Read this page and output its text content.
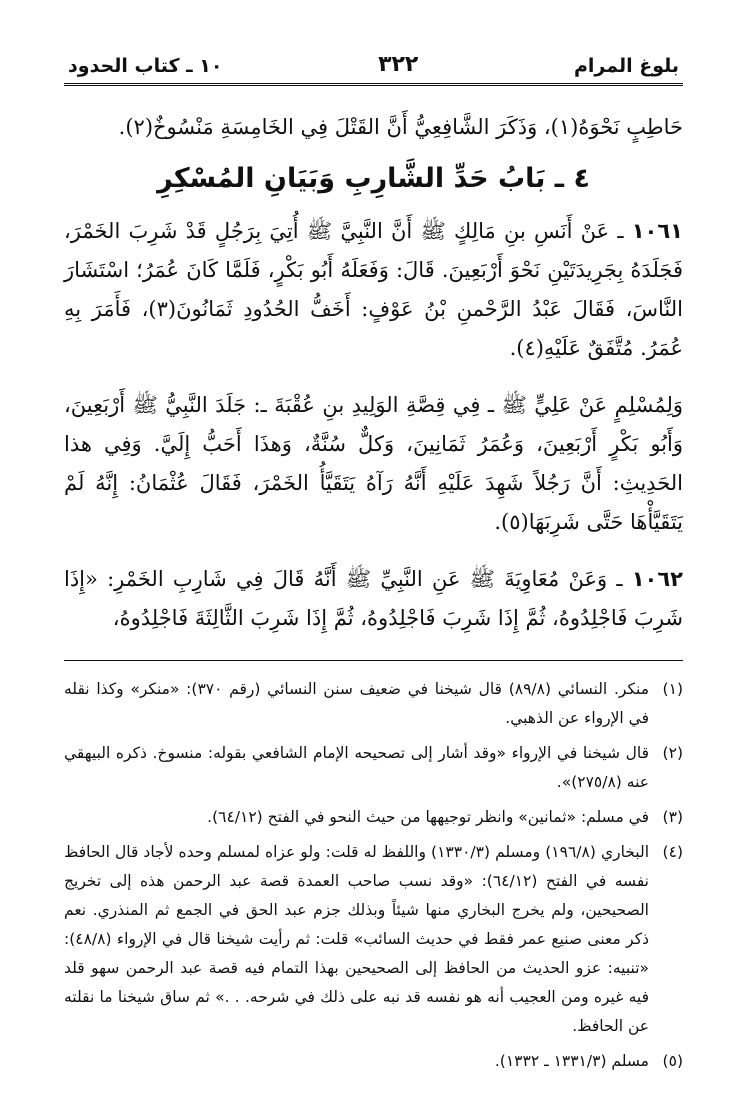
بلوغ المرام
٣٢٢
١٠ ـ كتاب الحدود

حَاطِبٍ نَحْوَهُ(١)، وَذَكَرَ الشَّافِعِيُّ أَنَّ القَتْلَ فِي الخَامِسَةِ مَنْسُوخٌ(٢).

٤ ـ بَابُ حَدِّ الشَّارِبِ وَبَيَانِ المُسْكِرِ

١٠٦١ ـ عَنْ أَنَسِ بنِ مَالِكٍ ﷺ أَنَّ النَّبِيَّ ﷺ أُتِيَ بِرَجُلٍ قَدْ شَرِبَ الخَمْرَ، فَجَلَدَهُ بِجَرِيدَتَيْنِ نَحْوَ أَرْبَعِينَ. قَالَ: وَفَعَلَهُ أَبُو بَكْرٍ، فَلَمَّا كَانَ عُمَرُ؛ اسْتَشَارَ النَّاسَ، فَقَالَ عَبْدُ الرَّحْمنِ بْنُ عَوْفٍ: أَخَفُّ الحُدُودِ ثَمَانُونَ(٣)، فَأَمَرَ بِهِ عُمَرُ. مُتَّفَقٌ عَلَيْهِ(٤).

وَلِمُسْلِمٍ عَنْ عَلِيٍّ ﷺ ـ فِي قِصَّةِ الوَلِيدِ بنِ عُقْبَةَ ـ: جَلَدَ النَّبِيُّ ﷺ أَرْبَعِينَ، وَأَبُو بَكْرٍ أَرْبَعِينَ، وَعُمَرُ ثَمَانِينَ، وَكلٌّ سُنَّةٌ، وَهذَا أَحَبُّ إِلَيَّ. وَفِي هذا الحَدِيثِ: أَنَّ رَجُلاً شَهِدَ عَلَيْهِ أَنَّهُ رَآهُ يَتَقَيَّأُ الخَمْرَ، فَقَالَ عُثْمَانُ: إِنَّهُ لَمْ يَتَقَيَّأْهَا حَتَّى شَرِبَهَا(٥).

١٠٦٢ ـ وَعَنْ مُعَاوِيَةَ ﷺ عَنِ النَّبِيِّ ﷺ أَنَّهُ قَالَ فِي شَارِبِ الخَمْرِ: «إِذَا شَرِبَ فَاجْلِدُوهُ، ثُمَّ إِذَا شَرِبَ فَاجْلِدُوهُ، ثُمَّ إِذَا شَرِبَ الثَّالِثَةَ فَاجْلِدُوهُ،

(١)
منكر. النسائي (٨٩/٨) قال شيخنا في ضعيف سنن النسائي (رقم ٣٧٠): «منكر» وكذا نقله في الإرواء عن الذهبي.
(٢)
قال شيخنا في الإرواء «وقد أشار إلى تصحيحه الإمام الشافعي بقوله: منسوخ. ذكره البيهقي عنه (٢٧٥/٨)».
(٣)
في مسلم: «ثمانين» وانظر توجيهها من حيث النحو في الفتح (٦٤/١٢).
(٤)
البخاري (١٩٦/٨) ومسلم (١٣٣٠/٣) واللفظ له قلت: ولو عزاه لمسلم وحده لأجاد قال الحافظ نفسه في الفتح (٦٤/١٢): «وقد نسب صاحب العمدة قصة عبد الرحمن هذه إلى تخريج الصحيحين، ولم يخرج البخاري منها شيئاً وبذلك جزم عبد الحق في الجمع ثم المنذري. نعم ذكر معنى صنيع عمر فقط في حديث السائب» قلت: ثم رأيت شيخنا قال في الإرواء (٤٨/٨): «تنبيه: عزو الحديث من الحافظ إلى الصحيحين بهذا التمام فيه قصة عبد الرحمن سهو قلد فيه غيره ومن العجيب أنه هو نفسه قد نبه على ذلك في شرحه. . .» ثم ساق شيخنا ما نقلته عن الحافظ.
(٥)
مسلم (١٣٣١/٣ ـ ١٣٣٢).
